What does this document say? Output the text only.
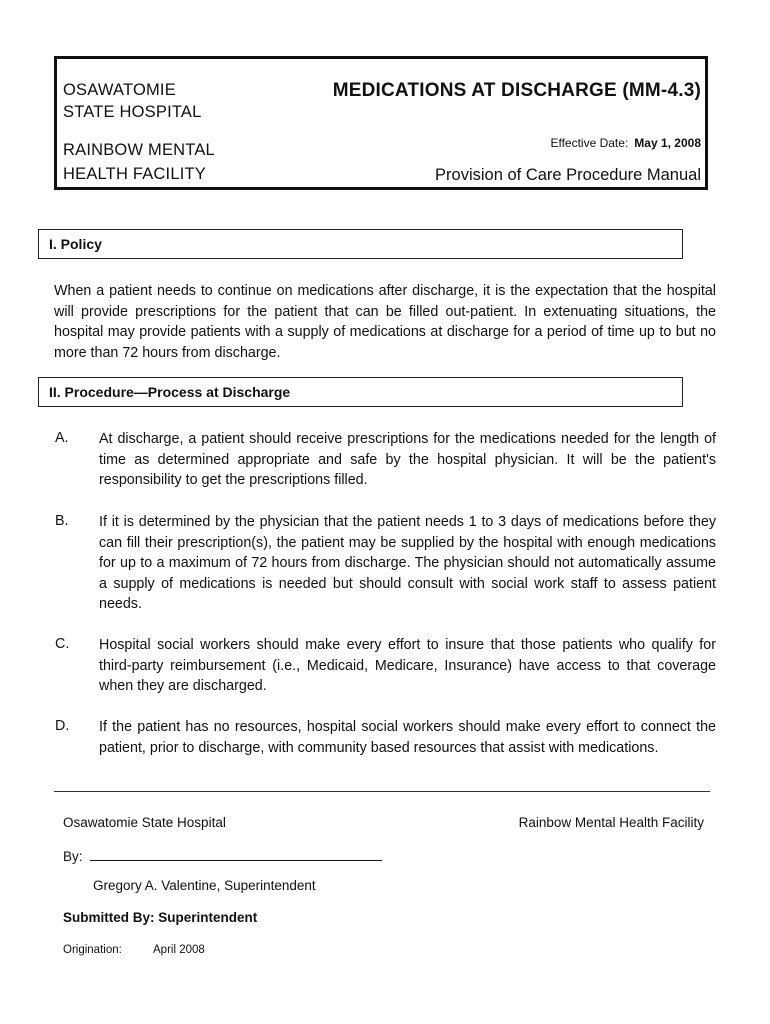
OSAWATOMIE
STATE HOSPITAL
RAINBOW MENTAL
HEALTH FACILITY
MEDICATIONS AT DISCHARGE (MM-4.3)
Effective Date: May 1, 2008
Provision of Care Procedure Manual
I. Policy
When a patient needs to continue on medications after discharge, it is the expectation that the hospital will provide prescriptions for the patient that can be filled out-patient. In extenuating situations, the hospital may provide patients with a supply of medications at discharge for a period of time up to but no more than 72 hours from discharge.
II. Procedure—Process at Discharge
A. At discharge, a patient should receive prescriptions for the medications needed for the length of time as determined appropriate and safe by the hospital physician. It will be the patient's responsibility to get the prescriptions filled.
B. If it is determined by the physician that the patient needs 1 to 3 days of medications before they can fill their prescription(s), the patient may be supplied by the hospital with enough medications for up to a maximum of 72 hours from discharge. The physician should not automatically assume a supply of medications is needed but should consult with social work staff to assess patient needs.
C. Hospital social workers should make every effort to insure that those patients who qualify for third-party reimbursement (i.e., Medicaid, Medicare, Insurance) have access to that coverage when they are discharged.
D. If the patient has no resources, hospital social workers should make every effort to connect the patient, prior to discharge, with community based resources that assist with medications.
Osawatomie State Hospital	Rainbow Mental Health Facility
By:
Gregory A. Valentine, Superintendent
Submitted By: Superintendent
Origination:	April 2008
